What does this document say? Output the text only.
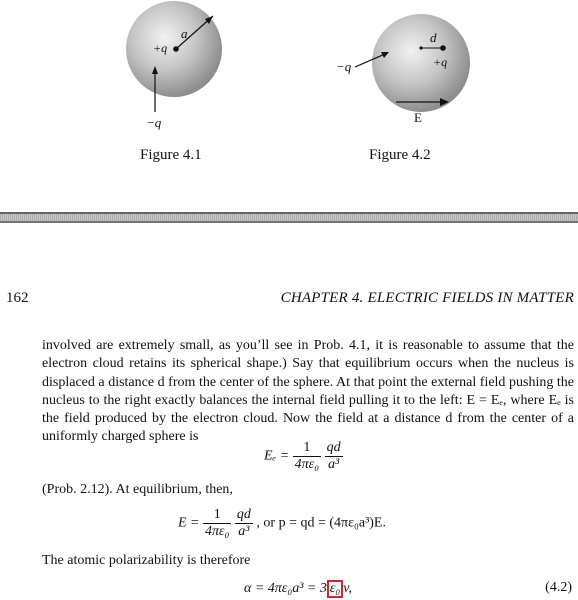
a
+q
−q
d
+q
−q
E
Figure 4.1	Figure 4.2
162	CHAPTER 4. ELECTRIC FIELDS IN MATTER
involved are extremely small, as you’ll see in Prob. 4.1, it is reasonable to assume that the electron cloud retains its spherical shape.) Say that equilibrium occurs when the nucleus is displaced a distance d from the center of the sphere. At that point the external field pushing the nucleus to the right exactly balances the internal field pulling it to the left: E = Eₑ, where Eₑ is the field produced by the electron cloud. Now the field at a distance d from the center of a uniformly charged sphere is
$E_e = \frac{1}{\text{4πε₀}}$
$\frac{qd}{\text{a³}}$
(Prob. 2.12). At equilibrium, then,
$E = \frac{1}{\text{4πε₀}}$
$\frac{qd}{\text{a³}}$ , or p = qd = (4πε₀a³)E.
The atomic polarizability is therefore
α = 4πε₀a³ = 3 ε₀ v,	(4.2)
